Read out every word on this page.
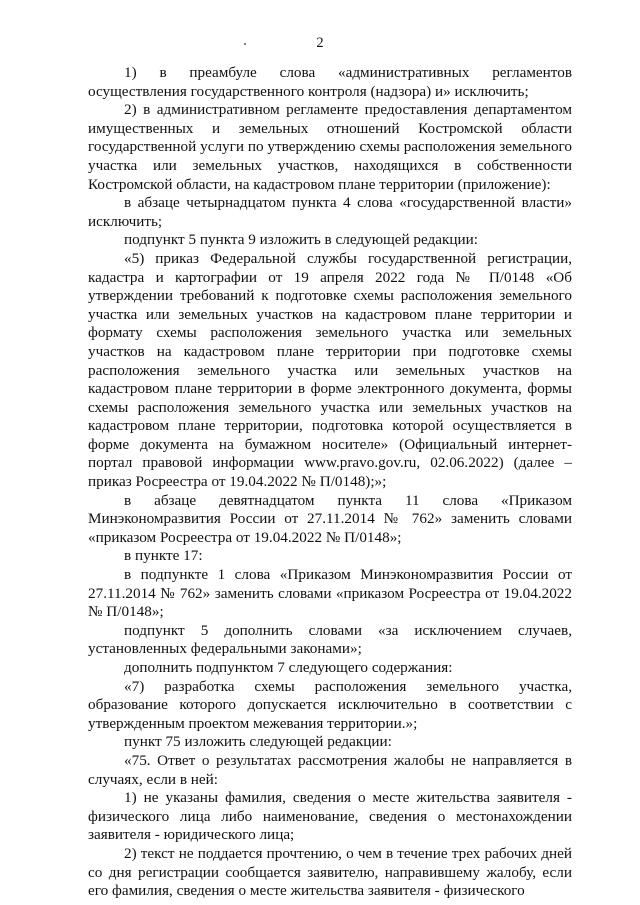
2

1) в преамбуле слова «административных регламентов осуществления государственного контроля (надзора) и» исключить;

2) в административном регламенте предоставления департаментом имущественных и земельных отношений Костромской области государственной услуги по утверждению схемы расположения земельного участка или земельных участков, находящихся в собственности Костромской области, на кадастровом плане территории (приложение):

в абзаце четырнадцатом пункта 4 слова «государственной власти» исключить;

подпункт 5 пункта 9 изложить в следующей редакции:

«5) приказ Федеральной службы государственной регистрации, кадастра и картографии от 19 апреля 2022 года № П/0148 «Об утверждении требований к подготовке схемы расположения земельного участка или земельных участков на кадастровом плане территории и формату схемы расположения земельного участка или земельных участков на кадастровом плане территории при подготовке схемы расположения земельного участка или земельных участков на кадастровом плане территории в форме электронного документа, формы схемы расположения земельного участка или земельных участков на кадастровом плане территории, подготовка которой осуществляется в форме документа на бумажном носителе» (Официальный интернет-портал правовой информации www.pravo.gov.ru, 02.06.2022) (далее – приказ Росреестра от 19.04.2022 № П/0148);»;

в абзаце девятнадцатом пункта 11 слова «Приказом Минэкономразвития России от 27.11.2014 № 762» заменить словами «приказом Росреестра от 19.04.2022 № П/0148»;

в пункте 17:

в подпункте 1 слова «Приказом Минэкономразвития России от 27.11.2014 № 762» заменить словами «приказом Росреестра от 19.04.2022 № П/0148»;

подпункт 5 дополнить словами «за исключением случаев, установленных федеральными законами»;

дополнить подпунктом 7 следующего содержания:

«7) разработка схемы расположения земельного участка, образование которого допускается исключительно в соответствии с утвержденным проектом межевания территории.»;

пункт 75 изложить следующей редакции:

«75. Ответ о результатах рассмотрения жалобы не направляется в случаях, если в ней:

1) не указаны фамилия, сведения о месте жительства заявителя - физического лица либо наименование, сведения о местонахождении заявителя - юридического лица;

2) текст не поддается прочтению, о чем в течение трех рабочих дней со дня регистрации сообщается заявителю, направившему жалобу, если его фамилия, сведения о месте жительства заявителя - физического
